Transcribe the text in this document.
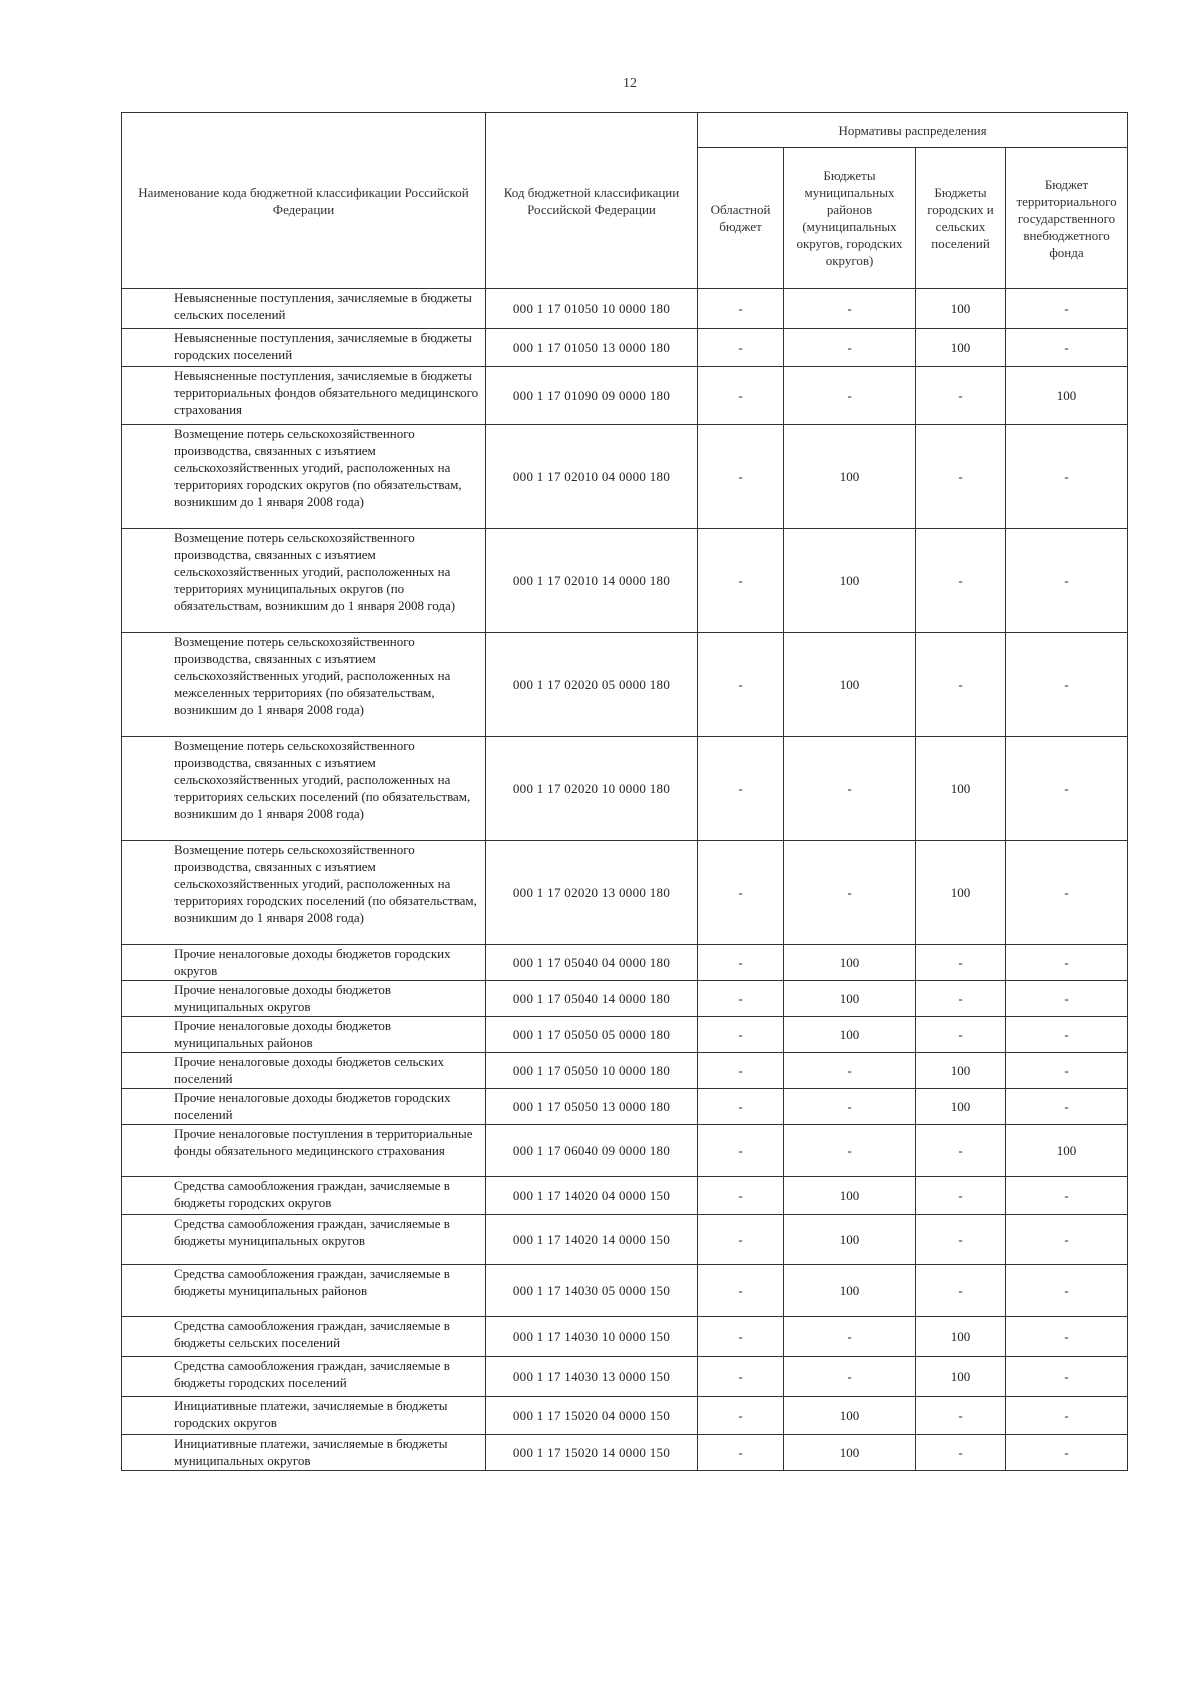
12
Наименование кода бюджетной классификации Российской Федерации	Код бюджетной классификации Российской Федерации	Нормативы распределения			
		Областной бюджет	Бюджеты муниципальных районов (муниципальных округов, городских округов)	Бюджеты городских и сельских поселений	Бюджет территориального государственного внебюджетного фонда
Невыясненные поступления, зачисляемые в бюджеты сельских поселений	000 1 17 01050 10 0000 180	-	-	100	-
Невыясненные поступления, зачисляемые в бюджеты городских поселений	000 1 17 01050 13 0000 180	-	-	100	-
Невыясненные поступления, зачисляемые в бюджеты территориальных фондов обязательного медицинского страхования	000 1 17 01090 09 0000 180	-	-	-	100
Возмещение потерь сельскохозяйственного производства, связанных с изъятием сельскохозяйственных угодий, расположенных на территориях городских округов (по обязательствам, возникшим до 1 января 2008 года)	000 1 17 02010 04 0000 180	-	100	-	-
Возмещение потерь сельскохозяйственного производства, связанных с изъятием сельскохозяйственных угодий, расположенных на территориях муниципальных округов (по обязательствам, возникшим до 1 января 2008 года)	000 1 17 02010 14 0000 180	-	100	-	-
Возмещение потерь сельскохозяйственного производства, связанных с изъятием сельскохозяйственных угодий, расположенных на межселенных территориях (по обязательствам, возникшим до 1 января 2008 года)	000 1 17 02020 05 0000 180	-	100	-	-
Возмещение потерь сельскохозяйственного производства, связанных с изъятием сельскохозяйственных угодий, расположенных на территориях сельских поселений (по обязательствам, возникшим до 1 января 2008 года)	000 1 17 02020 10 0000 180	-	-	100	-
Возмещение потерь сельскохозяйственного производства, связанных с изъятием сельскохозяйственных угодий, расположенных на территориях городских поселений (по обязательствам, возникшим до 1 января 2008 года)	000 1 17 02020 13 0000 180	-	-	100	-
Прочие неналоговые доходы бюджетов городских округов	000 1 17 05040 04 0000 180	-	100	-	-
Прочие неналоговые доходы бюджетов муниципальных округов	000 1 17 05040 14 0000 180	-	100	-	-
Прочие неналоговые доходы бюджетов муниципальных районов	000 1 17 05050 05 0000 180	-	100	-	-
Прочие неналоговые доходы бюджетов сельских поселений	000 1 17 05050 10 0000 180	-	-	100	-
Прочие неналоговые доходы бюджетов городских поселений	000 1 17 05050 13 0000 180	-	-	100	-
Прочие неналоговые поступления в территориальные фонды обязательного медицинского страхования	000 1 17 06040 09 0000 180	-	-	-	100
Средства самообложения граждан, зачисляемые в бюджеты городских округов	000 1 17 14020 04 0000 150	-	100	-	-
Средства самообложения граждан, зачисляемые в бюджеты муниципальных округов	000 1 17 14020 14 0000 150	-	100	-	-
Средства самообложения граждан, зачисляемые в бюджеты муниципальных районов	000 1 17 14030 05 0000 150	-	100	-	-
Средства самообложения граждан, зачисляемые в бюджеты сельских поселений	000 1 17 14030 10 0000 150	-	-	100	-
Средства самообложения граждан, зачисляемые в бюджеты городских поселений	000 1 17 14030 13 0000 150	-	-	100	-
Инициативные платежи, зачисляемые в бюджеты городских округов	000 1 17 15020 04 0000 150	-	100	-	-
Инициативные платежи, зачисляемые в бюджеты муниципальных округов	000 1 17 15020 14 0000 150	-	100	-	-
